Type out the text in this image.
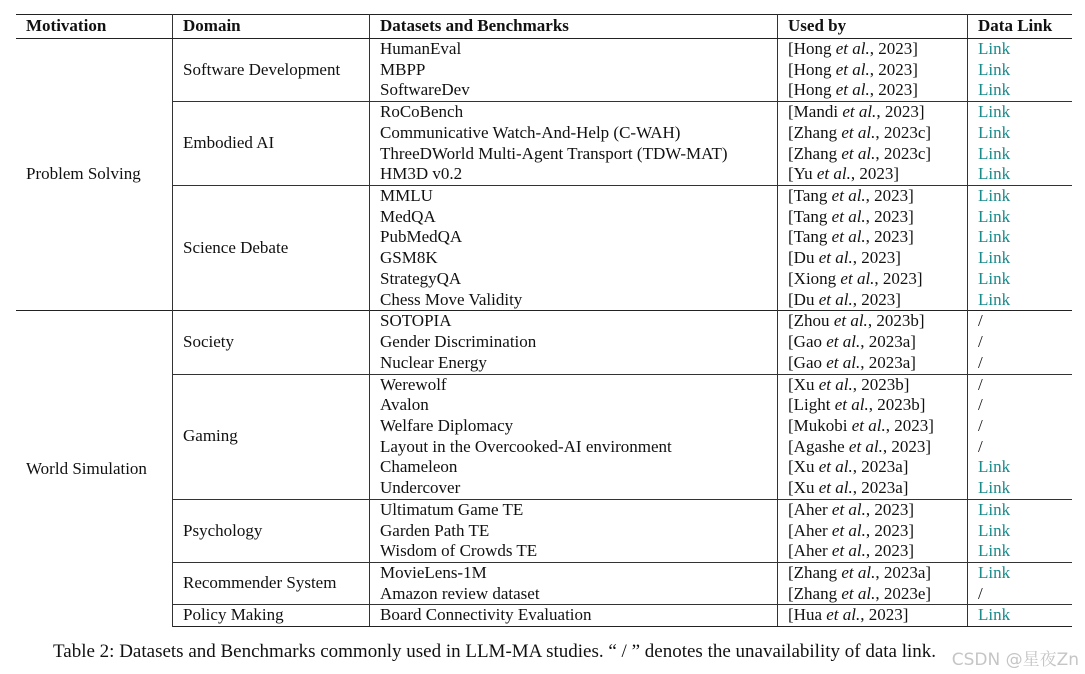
Motivation	Domain	Datasets and Benchmarks	Used by	Data Link
Problem Solving	Software Development	HumanEval	[Hong et al., 2023]	Link
		MBPP	[Hong et al., 2023]	Link
		SoftwareDev	[Hong et al., 2023]	Link
	Embodied AI	RoCoBench	[Mandi et al., 2023]	Link
		Communicative Watch-And-Help (C-WAH)	[Zhang et al., 2023c]	Link
		ThreeDWorld Multi-Agent Transport (TDW-MAT)	[Zhang et al., 2023c]	Link
		HM3D v0.2	[Yu et al., 2023]	Link
	Science Debate	MMLU	[Tang et al., 2023]	Link
		MedQA	[Tang et al., 2023]	Link
		PubMedQA	[Tang et al., 2023]	Link
		GSM8K	[Du et al., 2023]	Link
		StrategyQA	[Xiong et al., 2023]	Link
		Chess Move Validity	[Du et al., 2023]	Link
World Simulation	Society	SOTOPIA	[Zhou et al., 2023b]	/
		Gender Discrimination	[Gao et al., 2023a]	/
		Nuclear Energy	[Gao et al., 2023a]	/
	Gaming	Werewolf	[Xu et al., 2023b]	/
		Avalon	[Light et al., 2023b]	/
		Welfare Diplomacy	[Mukobi et al., 2023]	/
		Layout in the Overcooked-AI environment	[Agashe et al., 2023]	/
		Chameleon	[Xu et al., 2023a]	Link
		Undercover	[Xu et al., 2023a]	Link
	Psychology	Ultimatum Game TE	[Aher et al., 2023]	Link
		Garden Path TE	[Aher et al., 2023]	Link
		Wisdom of Crowds TE	[Aher et al., 2023]	Link
	Recommender System	MovieLens-1M	[Zhang et al., 2023a]	Link
		Amazon review dataset	[Zhang et al., 2023e]	/
	Policy Making	Board Connectivity Evaluation	[Hua et al., 2023]	Link
Table 2: Datasets and Benchmarks commonly used in LLM-MA studies. “ / ” denotes the unavailability of data link. CSDN @星夜Zn
